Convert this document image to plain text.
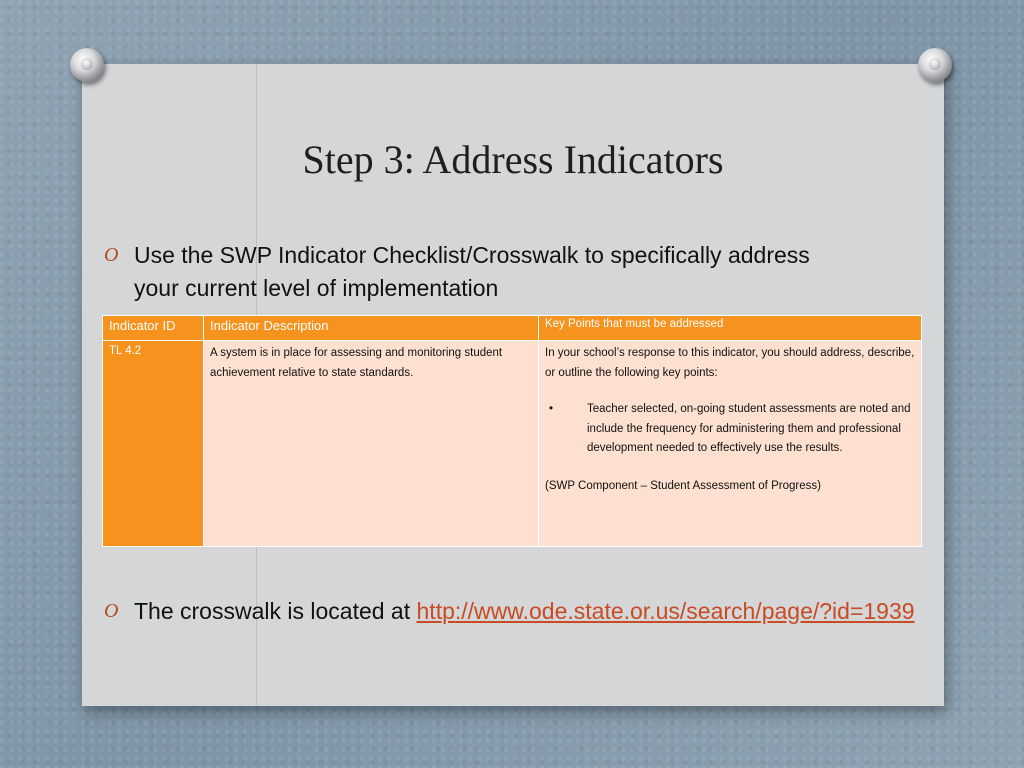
Step 3: Address Indicators
O Use the SWP Indicator Checklist/Crosswalk to specifically address your current level of implementation
Indicator ID	Indicator Description	Key Points that must be addressed
TL 4.2	A system is in place for assessing and monitoring student achievement relative to state standards.	In your school’s response to this indicator, you should address, describe, or outline the following key points:
• Teacher selected, on-going student assessments are noted and include the frequency for administering them and professional development needed to effectively use the results.
(SWP Component – Student Assessment of Progress)
O The crosswalk is located at http://www.ode.state.or.us/search/page/?id=1939
